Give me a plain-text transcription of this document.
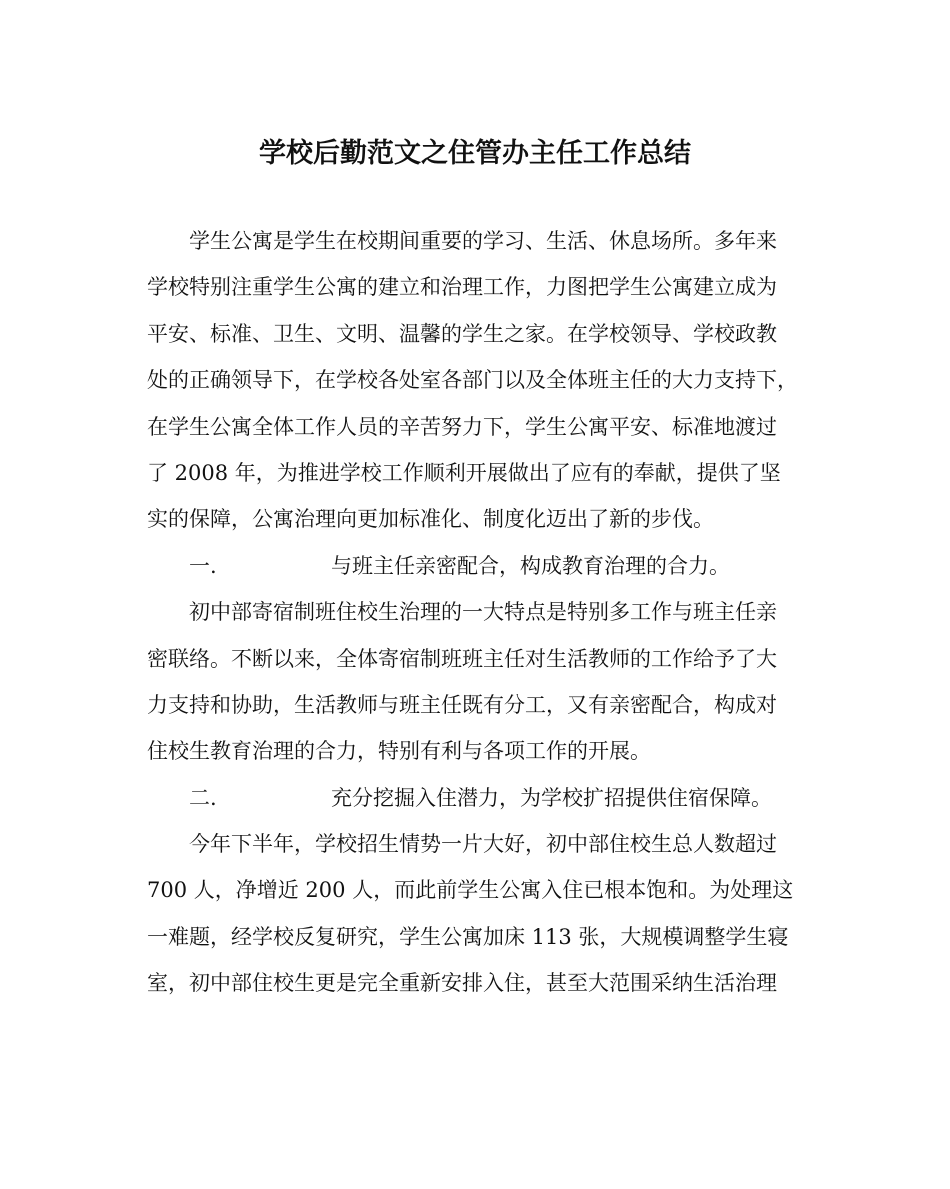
学校后勤范文之住管办主任工作总结
学生公寓是学生在校期间重要的学习、生活、休息场所。多年来
学校特别注重学生公寓的建立和治理工作，力图把学生公寓建立成为
平安、标准、卫生、文明、温馨的学生之家。在学校领导、学校政教
处的正确领导下，在学校各处室各部门以及全体班主任的大力支持下，
在学生公寓全体工作人员的辛苦努力下，学生公寓平安、标准地渡过
了 2008 年，为推进学校工作顺利开展做出了应有的奉献，提供了坚
实的保障，公寓治理向更加标准化、制度化迈出了新的步伐。
一.	与班主任亲密配合，构成教育治理的合力。
初中部寄宿制班住校生治理的一大特点是特别多工作与班主任亲
密联络。不断以来，全体寄宿制班班主任对生活教师的工作给予了大
力支持和协助，生活教师与班主任既有分工，又有亲密配合，构成对
住校生教育治理的合力，特别有利与各项工作的开展。
二.	充分挖掘入住潜力，为学校扩招提供住宿保障。
今年下半年，学校招生情势一片大好，初中部住校生总人数超过
700 人，净增近 200 人，而此前学生公寓入住已根本饱和。为处理这
一难题，经学校反复研究，学生公寓加床 113 张，大规模调整学生寝
室，初中部住校生更是完全重新安排入住，甚至大范围采纳生活治理
